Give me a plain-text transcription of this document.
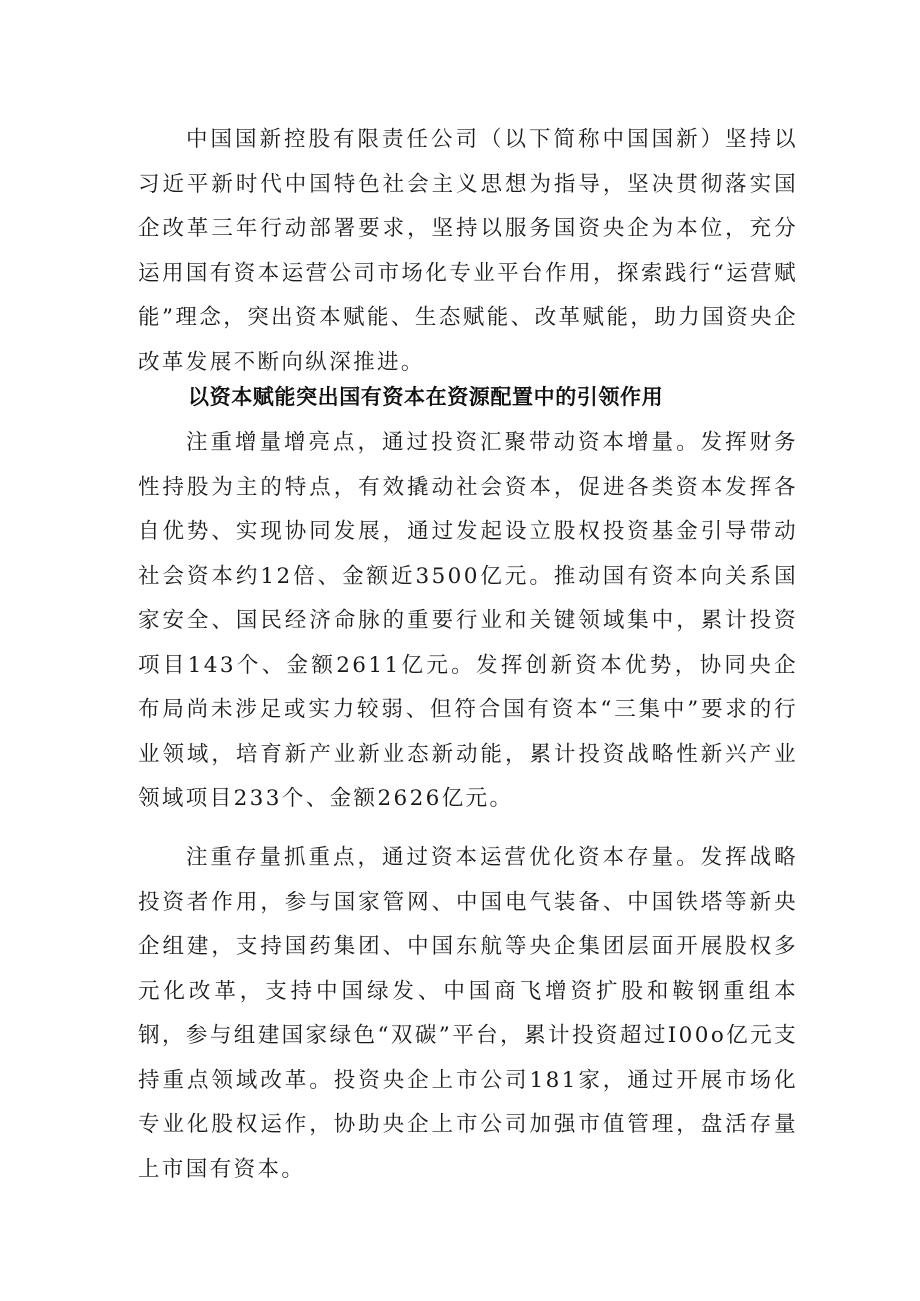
中国国新控股有限责任公司（以下简称中国国新）坚持以习近平新时代中国特色社会主义思想为指导，坚决贯彻落实国企改革三年行动部署要求，坚持以服务国资央企为本位，充分运用国有资本运营公司市场化专业平台作用，探索践行“运营赋能”理念，突出资本赋能、生态赋能、改革赋能，助力国资央企改革发展不断向纵深推进。

以资本赋能突出国有资本在资源配置中的引领作用

注重增量增亮点，通过投资汇聚带动资本增量。发挥财务性持股为主的特点，有效撬动社会资本，促进各类资本发挥各自优势、实现协同发展，通过发起设立股权投资基金引导带动社会资本约12倍、金额近3500亿元。推动国有资本向关系国家安全、国民经济命脉的重要行业和关键领域集中，累计投资项目143个、金额2611亿元。发挥创新资本优势，协同央企布局尚未涉足或实力较弱、但符合国有资本“三集中”要求的行业领域，培育新产业新业态新动能，累计投资战略性新兴产业领域项目233个、金额2626亿元。

注重存量抓重点，通过资本运营优化资本存量。发挥战略投资者作用，参与国家管网、中国电气装备、中国铁塔等新央企组建，支持国药集团、中国东航等央企集团层面开展股权多元化改革，支持中国绿发、中国商飞增资扩股和鞍钢重组本钢，参与组建国家绿色“双碳”平台，累计投资超过I00o亿元支持重点领域改革。投资央企上市公司181家，通过开展市场化专业化股权运作，协助央企上市公司加强市值管理，盘活存量上市国有资本。
